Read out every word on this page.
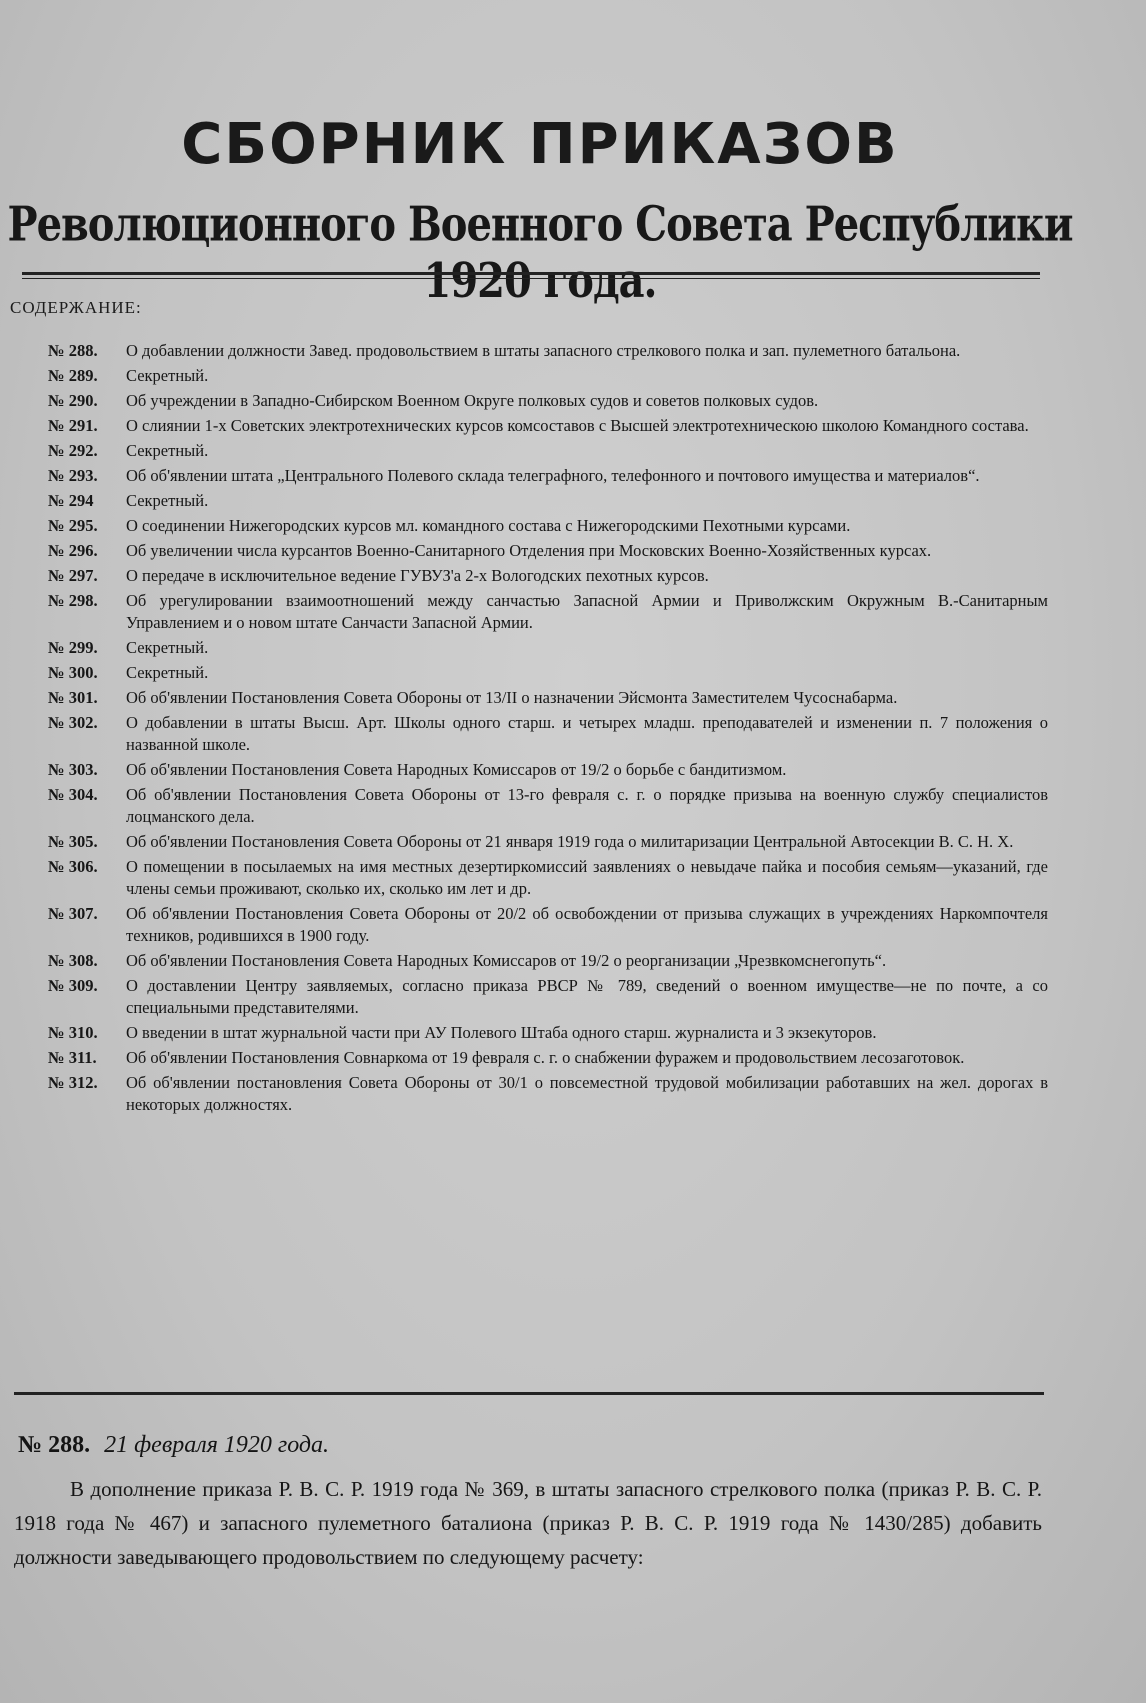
СБОРНИК ПРИКАЗОВ
Революционного Военного Совета Республики 1920 года.
СОДЕРЖАНИЕ:
№ 288.	О добавлении должности Завед. продовольствием в штаты запасного стрелкового полка и зап. пулеметного батальона.
№ 289.	Секретный.
№ 290.	Об учреждении в Западно-Сибирском Военном Округе полковых судов и советов полковых судов.
№ 291.	О слиянии 1-х Советских электротехнических курсов комсоставов с Высшей электротехническою школою Командного состава.
№ 292.	Секретный.
№ 293.	Об об'явлении штата „Центрального Полевого склада телеграфного, телефонного и почтового имущества и материалов“.
№ 294	Секретный.
№ 295.	О соединении Нижегородских курсов мл. командного состава с Нижегородскими Пехотными курсами.
№ 296.	Об увеличении числа курсантов Военно-Санитарного Отделения при Московских Военно-Хозяйственных курсах.
№ 297.	О передаче в исключительное ведение ГУВУЗ'а 2-х Вологодских пехотных курсов.
№ 298.	Об урегулировании взаимоотношений между санчастью Запасной Армии и Приволжским Окружным В.-Санитарным Управлением и о новом штате Санчасти Запасной Армии.
№ 299.	Секретный.
№ 300.	Секретный.
№ 301.	Об об'явлении Постановления Совета Обороны от 13/II о назначении Эйсмонта Заместителем Чусоснабарма.
№ 302.	О добавлении в штаты Высш. Арт. Школы одного старш. и четырех младш. преподавателей и изменении п. 7 положения о названной школе.
№ 303.	Об об'явлении Постановления Совета Народных Комиссаров от 19/2 о борьбе с бандитизмом.
№ 304.	Об об'явлении Постановления Совета Обороны от 13-го февраля с. г. о порядке призыва на военную службу специалистов лоцманского дела.
№ 305.	Об об'явлении Постановления Совета Обороны от 21 января 1919 года о милитаризации Центральной Автосекции В. С. Н. Х.
№ 306.	О помещении в посылаемых на имя местных дезертиркомиссий заявлениях о невыдаче пайка и пособия семьям—указаний, где члены семьи проживают, сколько их, сколько им лет и др.
№ 307.	Об об'явлении Постановления Совета Обороны от 20/2 об освобождении от призыва служащих в учреждениях Наркомпочтеля техников, родившихся в 1900 году.
№ 308.	Об об'явлении Постановления Совета Народных Комиссаров от 19/2 о реорганизации „Чрезвкомснегопуть“.
№ 309.	О доставлении Центру заявляемых, согласно приказа РВСР № 789, сведений о военном имуществе—не по почте, а со специальными представителями.
№ 310.	О введении в штат журнальной части при АУ Полевого Штаба одного старш. журналиста и 3 экзекуторов.
№ 311.	Об об'явлении Постановления Совнаркома от 19 февраля с. г. о снабжении фуражем и продовольствием лесозаготовок.
№ 312.	Об об'явлении постановления Совета Обороны от 30/1 о повсеместной трудовой мобилизации работавших на жел. дорогах в некоторых должностях.
№ 288. 21 февраля 1920 года.
В дополнение приказа Р. В. С. Р. 1919 года № 369, в штаты запасного стрелкового полка (приказ Р. В. С. Р. 1918 года № 467) и запасного пулеметного баталиона (приказ Р. В. С. Р. 1919 года № 1430/285) добавить должности заведывающего продовольствием по следующему расчету:
